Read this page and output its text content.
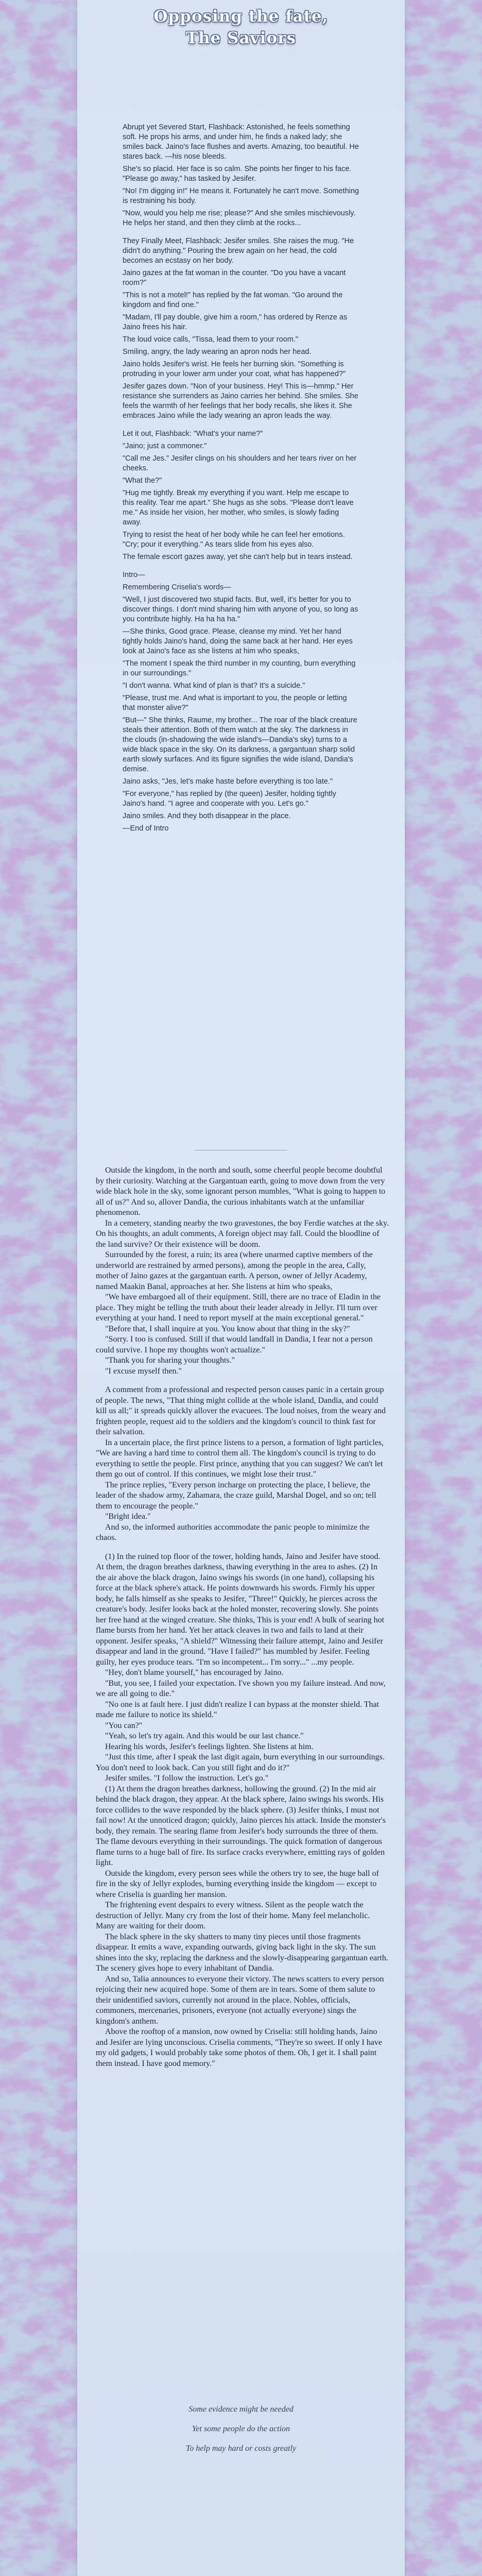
Opposing the fate,
The Saviors

Abrupt yet Severed Start, Flashback: Astonished, he feels something soft. He props his arms, and under him, he finds a naked lady; she smiles back. Jaino's face flushes and averts. Amazing, too beautiful. He stares back. —his nose bleeds.

She's so placid. Her face is so calm. She points her finger to his face. "Please go away," has tasked by Jesifer.

"No! I'm digging in!" He means it. Fortunately he can't move. Something is restraining his body.

"Now, would you help me rise; please?" And she smiles mischievously. He helps her stand, and then they climb at the rocks...

They Finally Meet, Flashback: Jesifer smiles. She raises the mug. "He didn't do anything." Pouring the brew again on her head, the cold becomes an ecstasy on her body.

Jaino gazes at the fat woman in the counter. "Do you have a vacant room?"

"This is not a motel!" has replied by the fat woman. "Go around the kingdom and find one."

"Madam, I'll pay double, give him a room," has ordered by Renze as Jaino frees his hair.

The loud voice calls, "Tissa, lead them to your room."

Smiling, angry, the lady wearing an apron nods her head.

Jaino holds Jesifer's wrist. He feels her burning skin. "Something is protruding in your lower arm under your coat, what has happened?"

Jesifer gazes down. "Non of your business. Hey! This is—hmmp." Her resistance she surrenders as Jaino carries her behind. She smiles. She feels the warmth of her feelings that her body recalls, she likes it. She embraces Jaino while the lady wearing an apron leads the way.

Let it out, Flashback: "What's your name?"

"Jaino; just a commoner."

"Call me Jes." Jesifer clings on his shoulders and her tears river on her cheeks.

"What the?"

"Hug me tightly. Break my everything if you want. Help me escape to this reality. Tear me apart." She hugs as she sobs. "Please don't leave me." As inside her vision, her mother, who smiles, is slowly fading away.

Trying to resist the heat of her body while he can feel her emotions. "Cry; pour it everything." As tears slide from his eyes also.

The female escort gazes away, yet she can't help but in tears instead.

Intro—

Remembering Criselia's words—

"Well, I just discovered two stupid facts. But, well, it's better for you to discover things. I don't mind sharing him with anyone of you, so long as you contribute highly. Ha ha ha ha."

—She thinks, Good grace. Please, cleanse my mind. Yet her hand tightly holds Jaino's hand, doing the same back at her hand. Her eyes look at Jaino's face as she listens at him who speaks,

"The moment I speak the third number in my counting, burn everything in our surroundings."

"I don't wanna. What kind of plan is that? It's a suicide."

"Please, trust me. And what is important to you, the people or letting that monster alive?"

"But—" She thinks, Raume, my brother... The roar of the black creature steals their attention. Both of them watch at the sky. The darkness in the clouds (in-shadowing the wide island's—Dandia's sky) turns to a wide black space in the sky. On its darkness, a gargantuan sharp solid earth slowly surfaces. And its figure signifies the wide island, Dandia's demise.

Jaino asks, "Jes, let's make haste before everything is too late."

"For everyone," has replied by (the queen) Jesifer, holding tightly Jaino's hand. "I agree and cooperate with you. Let's go."

Jaino smiles. And they both disappear in the place.

—End of Intro

Outside the kingdom, in the north and south, some cheerful people become doubtful by their curiosity. Watching at the Gargantuan earth, going to move down from the very wide black hole in the sky, some ignorant person mumbles, "What is going to happen to all of us?" And so, allover Dandia, the curious inhabitants watch at the unfamiliar phenomenon.

In a cemetery, standing nearby the two gravestones, the boy Ferdie watches at the sky. On his thoughts, an adult comments, A foreign object may fall. Could the bloodline of the land survive? Or their existence will be doom.

Surrounded by the forest, a ruin; its area (where unarmed captive members of the underworld are restrained by armed persons), among the people in the area, Cally, mother of Jaino gazes at the gargantuan earth. A person, owner of Jellyr Academy, named Maakin Banal, approaches at her. She listens at him who speaks,

"We have embargoed all of their equipment. Still, there are no trace of Eladin in the place. They might be telling the truth about their leader already in Jellyr. I'll turn over everything at your hand. I need to report myself at the main exceptional general."

"Before that, I shall inquire at you. You know about that thing in the sky?"

"Sorry. I too is confused. Still if that would landfall in Dandia, I fear not a person could survive. I hope my thoughts won't actualize."

"Thank you for sharing your thoughts."

"I excuse myself then."

A comment from a professional and respected person causes panic in a certain group of people. The news, "That thing might collide at the whole island, Dandia, and could kill us all;" it spreads quickly allover the evacuees. The loud noises, from the weary and frighten people, request aid to the soldiers and the kingdom's council to think fast for their salvation.

In a uncertain place, the first prince listens to a person, a formation of light particles, "We are having a hard time to control them all. The kingdom's council is trying to do everything to settle the people. First prince, anything that you can suggest? We can't let them go out of control. If this continues, we might lose their trust."

The prince replies, "Every person incharge on protecting the place, I believe, the leader of the shadow army, Zahamara, the craze guild, Marshal Dogel, and so on; tell them to encourage the people."

"Bright idea."

And so, the informed authorities accommodate the panic people to minimize the chaos.

(1) In the ruined top floor of the tower, holding hands, Jaino and Jesifer have stood. At them, the dragon breathes darkness, thawing everything in the area to ashes. (2) In the air above the black dragon, Jaino swings his swords (in one hand), collapsing his force at the black sphere's attack. He points downwards his swords. Firmly his upper body, he falls himself as she speaks to Jesifer, "Three!" Quickly, he pierces across the creature's body. Jesifer looks back at the holed monster, recovering slowly. She points her free hand at the winged creature. She thinks, This is your end! A bulk of searing hot flame bursts from her hand. Yet her attack cleaves in two and fails to land at their opponent. Jesifer speaks, "A shield?" Witnessing their failure attempt, Jaino and Jesifer disappear and land in the ground. "Have I failed?" has mumbled by Jesifer. Feeling guilty, her eyes produce tears. "I'm so incompetent... I'm sorry..." ...my people.

"Hey, don't blame yourself," has encouraged by Jaino.

"But, you see, I failed your expectation. I've shown you my failure instead. And now, we are all going to die."

"No one is at fault here. I just didn't realize I can bypass at the monster shield. That made me failure to notice its shield."

"You can?"

"Yeah, so let's try again. And this would be our last chance."

Hearing his words, Jesifer's feelings lighten. She listens at him.

"Just this time, after I speak the last digit again, burn everything in our surroundings. You don't need to look back. Can you still fight and do it?"

Jesifer smiles. "I follow the instruction. Let's go."

(1) At them the dragon breathes darkness, hollowing the ground. (2) In the mid air behind the black dragon, they appear. At the black sphere, Jaino swings his swords. His force collides to the wave responded by the black sphere. (3) Jesifer thinks, I must not fail now! At the unnoticed dragon; quickly, Jaino pierces his attack. Inside the monster's body, they remain. The searing flame from Jesifer's body surrounds the three of them. The flame devours everything in their surroundings. The quick formation of dangerous flame turns to a huge ball of fire. Its surface cracks everywhere, emitting rays of golden light.

Outside the kingdom, every person sees while the others try to see, the huge ball of fire in the sky of Jellyr explodes, burning everything inside the kingdom — except to where Criselia is guarding her mansion.

The frightening event despairs to every witness. Silent as the people watch the destruction of Jellyr. Many cry from the lost of their home. Many feel melancholic. Many are waiting for their doom.

The black sphere in the sky shatters to many tiny pieces until those fragments disappear. It emits a wave, expanding outwards, giving back light in the sky. The sun shines into the sky, replacing the darkness and the slowly-disappearing gargantuan earth. The scenery gives hope to every inhabitant of Dandia.

And so, Talia announces to everyone their victory. The news scatters to every person rejoicing their new acquired hope. Some of them are in tears. Some of them salute to their unidentified saviors, currently not around in the place. Nobles, officials, commoners, mercenaries, prisoners, everyone (not actually everyone) sings the kingdom's anthem.

Above the rooftop of a mansion, now owned by Criselia: still holding hands, Jaino and Jesifer are lying unconscious. Criselia comments, "They're so sweet. If only I have my old gadgets, I would probably take some photos of them. Oh, I get it. I shall paint them instead. I have good memory."

Some evidence might be needed

Yet some people do the action

To help may hard or costs greatly
